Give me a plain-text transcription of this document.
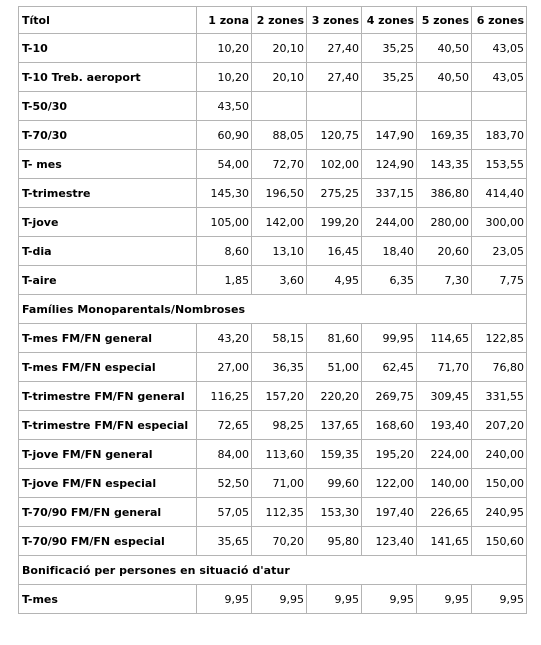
Títol	1 zona	2 zones	3 zones	4 zones	5 zones	6 zones
T-10	10,20	20,10	27,40	35,25	40,50	43,05
T-10 Treb. aeroport	10,20	20,10	27,40	35,25	40,50	43,05
T-50/30	43,50					
T-70/30	60,90	88,05	120,75	147,90	169,35	183,70
T- mes	54,00	72,70	102,00	124,90	143,35	153,55
T-trimestre	145,30	196,50	275,25	337,15	386,80	414,40
T-jove	105,00	142,00	199,20	244,00	280,00	300,00
T-dia	8,60	13,10	16,45	18,40	20,60	23,05
T-aire	1,85	3,60	4,95	6,35	7,30	7,75
Famílies Monoparentals/Nombroses						
T-mes FM/FN general	43,20	58,15	81,60	99,95	114,65	122,85
T-mes FM/FN especial	27,00	36,35	51,00	62,45	71,70	76,80
T-trimestre FM/FN general	116,25	157,20	220,20	269,75	309,45	331,55
T-trimestre FM/FN especial	72,65	98,25	137,65	168,60	193,40	207,20
T-jove FM/FN general	84,00	113,60	159,35	195,20	224,00	240,00
T-jove FM/FN especial	52,50	71,00	99,60	122,00	140,00	150,00
T-70/90 FM/FN general	57,05	112,35	153,30	197,40	226,65	240,95
T-70/90 FM/FN especial	35,65	70,20	95,80	123,40	141,65	150,60
Bonificació per persones en situació d'atur						
T-mes	9,95	9,95	9,95	9,95	9,95	9,95
